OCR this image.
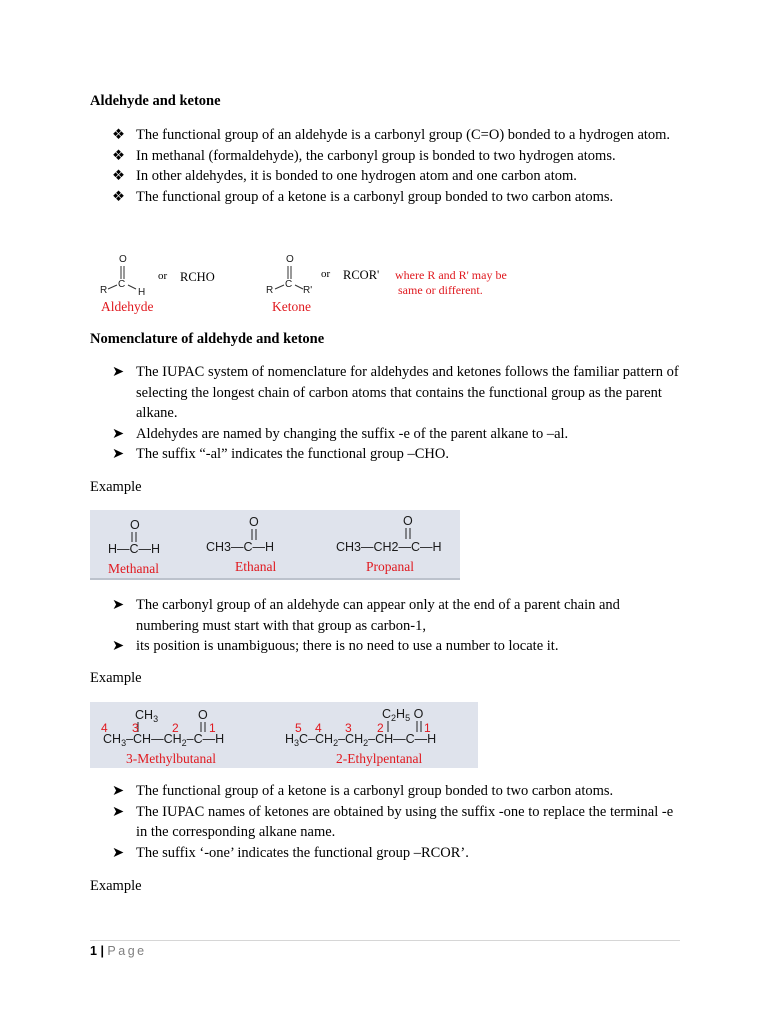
Aldehyde and ketone
❖ The functional group of an aldehyde is a carbonyl group (C=O) bonded to a hydrogen atom.
❖ In methanal (formaldehyde), the carbonyl group is bonded to two hydrogen atoms.
❖ In other aldehydes, it is bonded to one hydrogen atom and one carbon atom.
❖ The functional group of a ketone is a carbonyl group bonded to two carbon atoms.
O
C
R	H
or RCHO
Aldehyde
O
C
R	R'
or RCOR'
Ketone
where R and R' may be
same or different.
Nomenclature of aldehyde and ketone
➤ The IUPAC system of nomenclature for aldehydes and ketones follows the familiar pattern of selecting the longest chain of carbon atoms that contains the functional group as the parent alkane.
➤ Aldehydes are named by changing the suffix -e of the parent alkane to –al.
➤ The suffix “-al” indicates the functional group –CHO.
Example
O
H—C—H
Methanal
O
CH3—C—H
Ethanal
O
CH3—CH2—C—H
Propanal
➤ The carbonyl group of an aldehyde can appear only at the end of a parent chain and numbering must start with that group as carbon-1,
➤ its position is unambiguous; there is no need to use a number to locate it.
Example
$CH_3$	O
$CH_3-CH—CH_2-C—H$
4 3	2	1
3-Methylbutanal
$C_2H_5$ O
$H_3C-CH_2-CH_2-CH—C—H$
5 4 3 2	1
2-Ethylpentanal
➤ The functional group of a ketone is a carbonyl group bonded to two carbon atoms.
➤ The IUPAC names of ketones are obtained by using the suffix -one to replace the terminal -e in the corresponding alkane name.
➤ The suffix ‘-one’ indicates the functional group –RCOR’.
Example
1 | Page
